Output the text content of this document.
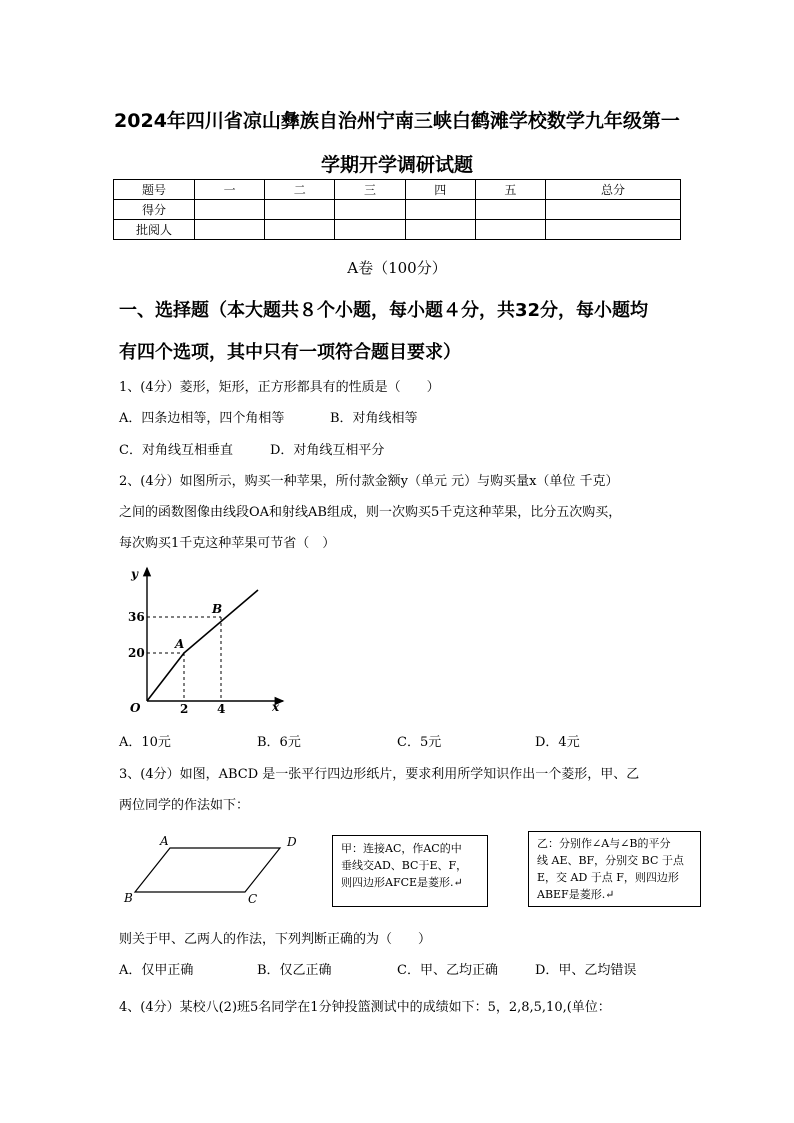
2024年四川省凉山彝族自治州宁南三峡白鹤滩学校数学九年级第一
学期开学调研试题
题号	一	二	三	四	五	总分
得分						
批阅人						
A卷（100分）
一、选择题（本大题共８个小题，每小题４分，共32分，每小题均
有四个选项，其中只有一项符合题目要求）
1、(4分）菱形，矩形，正方形都具有的性质是（　　）
A．四条边相等，四个角相等	B．对角线相等
C．对角线互相垂直	D．对角线互相平分
2、(4分）如图所示，购买一种苹果，所付款金额y（单元 元）与购买量x（单位 千克）
之间的函数图像由线段OA和射线AB组成，则一次购买5千克这种苹果，比分五次购买，
每次购买1千克这种苹果可节省（　）
y
x
O
A
B
36
20
2 4
A	D
B	C
A．10元	B．6元	C．5元	D．4元
3、(4分）如图，ABCD 是一张平行四边形纸片，要求利用所学知识作出一个菱形，甲、乙
两位同学的作法如下：
甲：连接AC，作AC的中
垂线交AD、BC于E、F，
则四边形AFCE是菱形.↵
乙：分别作∠A与∠B的平分
线 AE、BF，分别交 BC 于点
E，交 AD 于点 F，则四边形
ABEF是菱形.↵
则关于甲、乙两人的作法，下列判断正确的为（　　）
A．仅甲正确	B．仅乙正确	C．甲、乙均正确	D．甲、乙均错误
4、(4分）某校八(2)班5名同学在1分钟投篮测试中的成绩如下：5，2,8,5,10,(单位：
